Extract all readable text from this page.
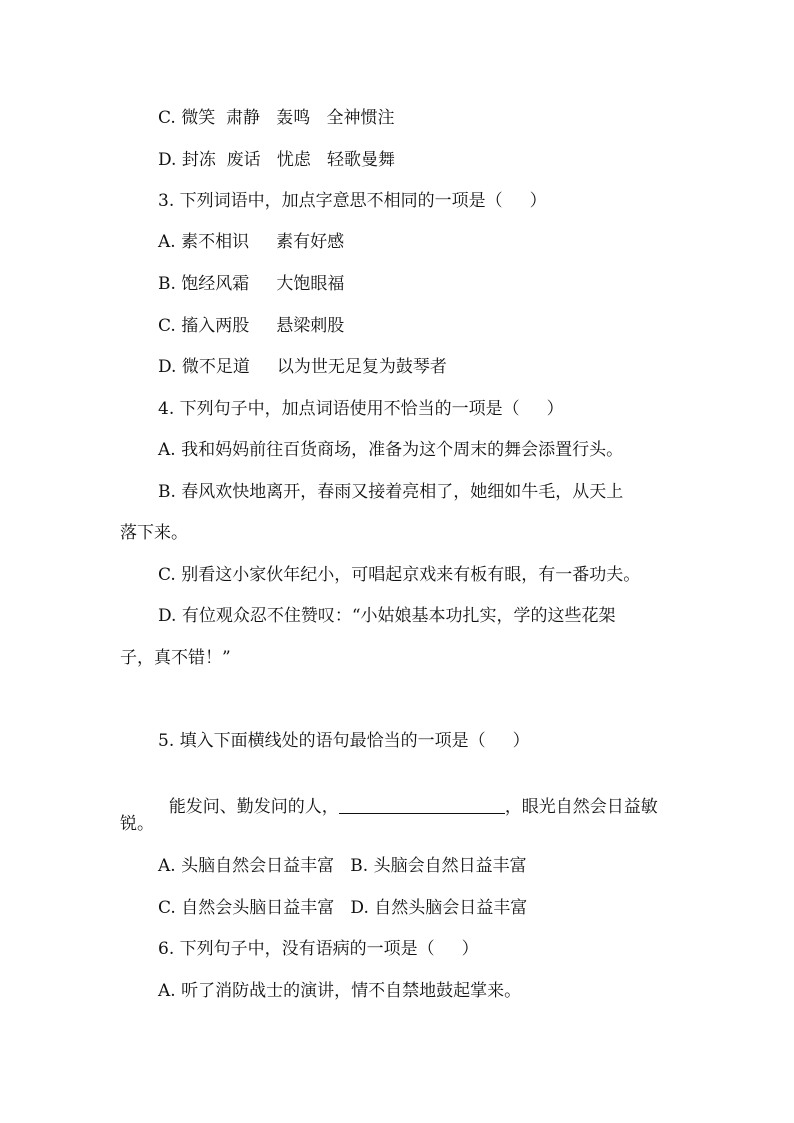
C. 微笑  肃静   轰鸣   全神惯注
D. 封冻  废话   忧虑   轻歌曼舞
3. 下列词语中，加点字意思不相同的一项是（     ）
A. 素不相识     素有好感
B. 饱经风霜     大饱眼福
C. 搐入两股     悬梁刺股
D. 微不足道     以为世无足复为鼓琴者
4. 下列句子中，加点词语使用不恰当的一项是（     ）
A. 我和妈妈前往百货商场，准备为这个周末的舞会添置行头。
B. 春风欢快地离开，春雨又接着亮相了，她细如牛毛，从天上
落下来。
C. 别看这小家伙年纪小，可唱起京戏来有板有眼，有一番功夫。
D. 有位观众忍不住赞叹：“小姑娘基本功扎实，学的这些花架
子，真不错！”
5. 填入下面横线处的语句最恰当的一项是（     ）

能发问、勤发问的人，	，眼光自然会日益敏

锐。
A. 头脑自然会日益丰富   B. 头脑会自然日益丰富
C. 自然会头脑日益丰富   D. 自然头脑会日益丰富
6. 下列句子中，没有语病的一项是（     ）
A. 听了消防战士的演讲，情不自禁地鼓起掌来。
